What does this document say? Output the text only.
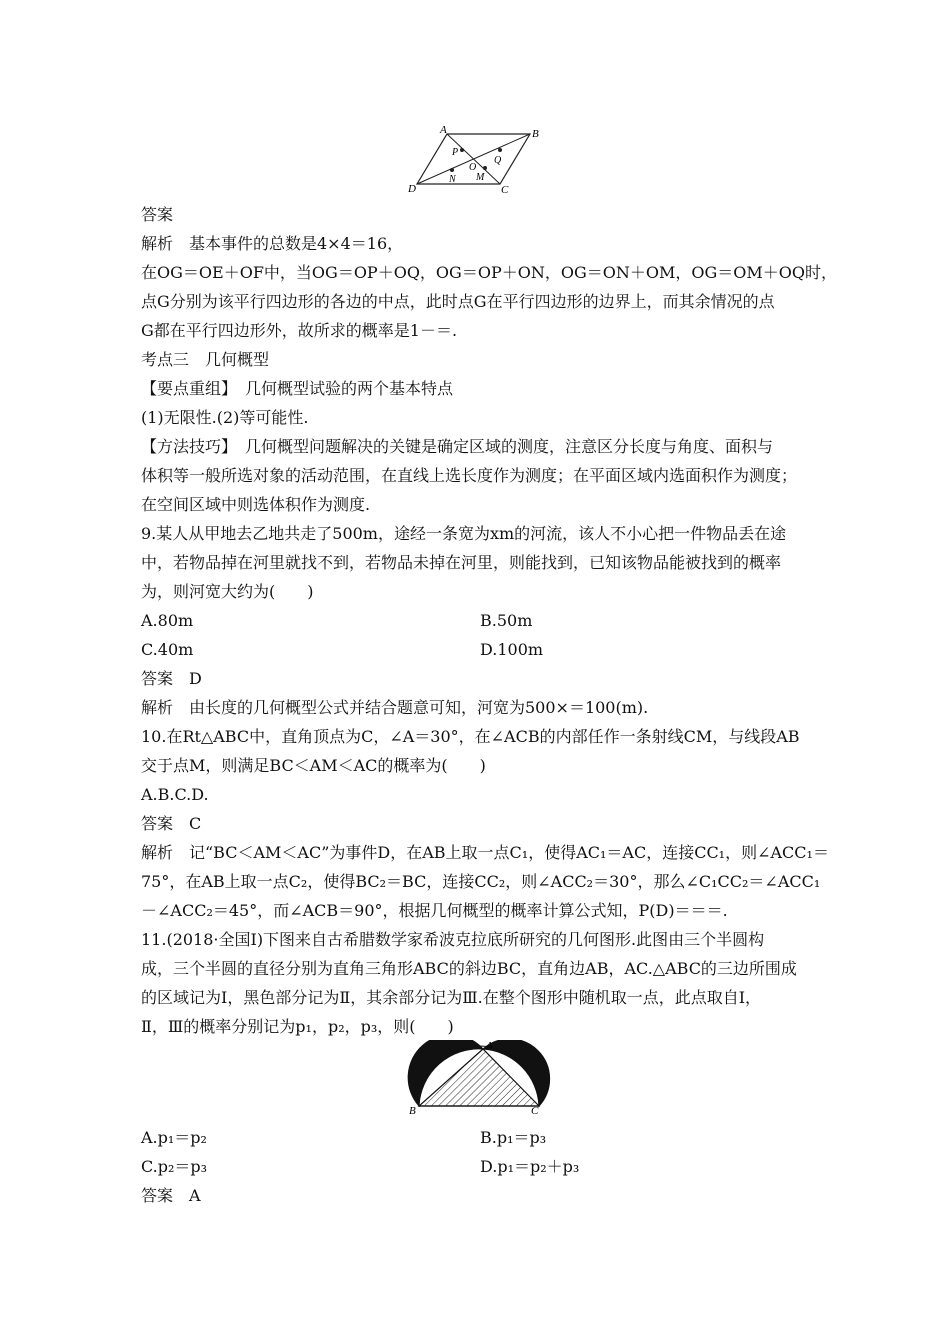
A	B
C
D
P
Q
O
N M
答案
解析　基本事件的总数是4×4＝16，
在OG＝OE＋OF中，当OG＝OP＋OQ，OG＝OP＋ON，OG＝ON＋OM，OG＝OM＋OQ时，
点G分别为该平行四边形的各边的中点，此时点G在平行四边形的边界上，而其余情况的点
G都在平行四边形外，故所求的概率是1－＝.
考点三　几何概型
【要点重组】　几何概型试验的两个基本特点
(1)无限性.(2)等可能性.
【方法技巧】　几何概型问题解决的关键是确定区域的测度，注意区分长度与角度、面积与
体积等一般所选对象的活动范围，在直线上选长度作为测度；在平面区域内选面积作为测度；
在空间区域中则选体积作为测度.
9.某人从甲地去乙地共走了500m，途经一条宽为xm的河流，该人不小心把一件物品丢在途
中，若物品掉在河里就找不到，若物品未掉在河里，则能找到，已知该物品能被找到的概率
为，则河宽大约为(　　)
A.80m	B.50m
C.40m	D.100m
答案　D
解析　由长度的几何概型公式并结合题意可知，河宽为500×＝100(m).
10.在Rt△ABC中，直角顶点为C，∠A＝30°，在∠ACB的内部任作一条射线CM，与线段AB
交于点M，则满足BC＜AM＜AC的概率为(　　)
A.B.C.D.
答案　C
解析　记“BC＜AM＜AC”为事件D，在AB上取一点C₁，使得AC₁＝AC，连接CC₁，则∠ACC₁＝
75°，在AB上取一点C₂，使得BC₂＝BC，连接CC₂，则∠ACC₂＝30°，那么∠C₁CC₂＝∠ACC₁
－∠ACC₂＝45°，而∠ACB＝90°，根据几何概型的概率计算公式知，P(D)＝＝＝.
11.(2018·全国Ⅰ)下图来自古希腊数学家希波克拉底所研究的几何图形.此图由三个半圆构
成，三个半圆的直径分别为直角三角形ABC的斜边BC，直角边AB，AC.△ABC的三边所围成
的区域记为Ⅰ，黑色部分记为Ⅱ，其余部分记为Ⅲ.在整个图形中随机取一点，此点取自Ⅰ，
Ⅱ，Ⅲ的概率分别记为p₁，p₂，p₃，则(　　)
A
B	C
A.p₁＝p₂	B.p₁＝p₃
C.p₂＝p₃	D.p₁＝p₂＋p₃
答案　A
